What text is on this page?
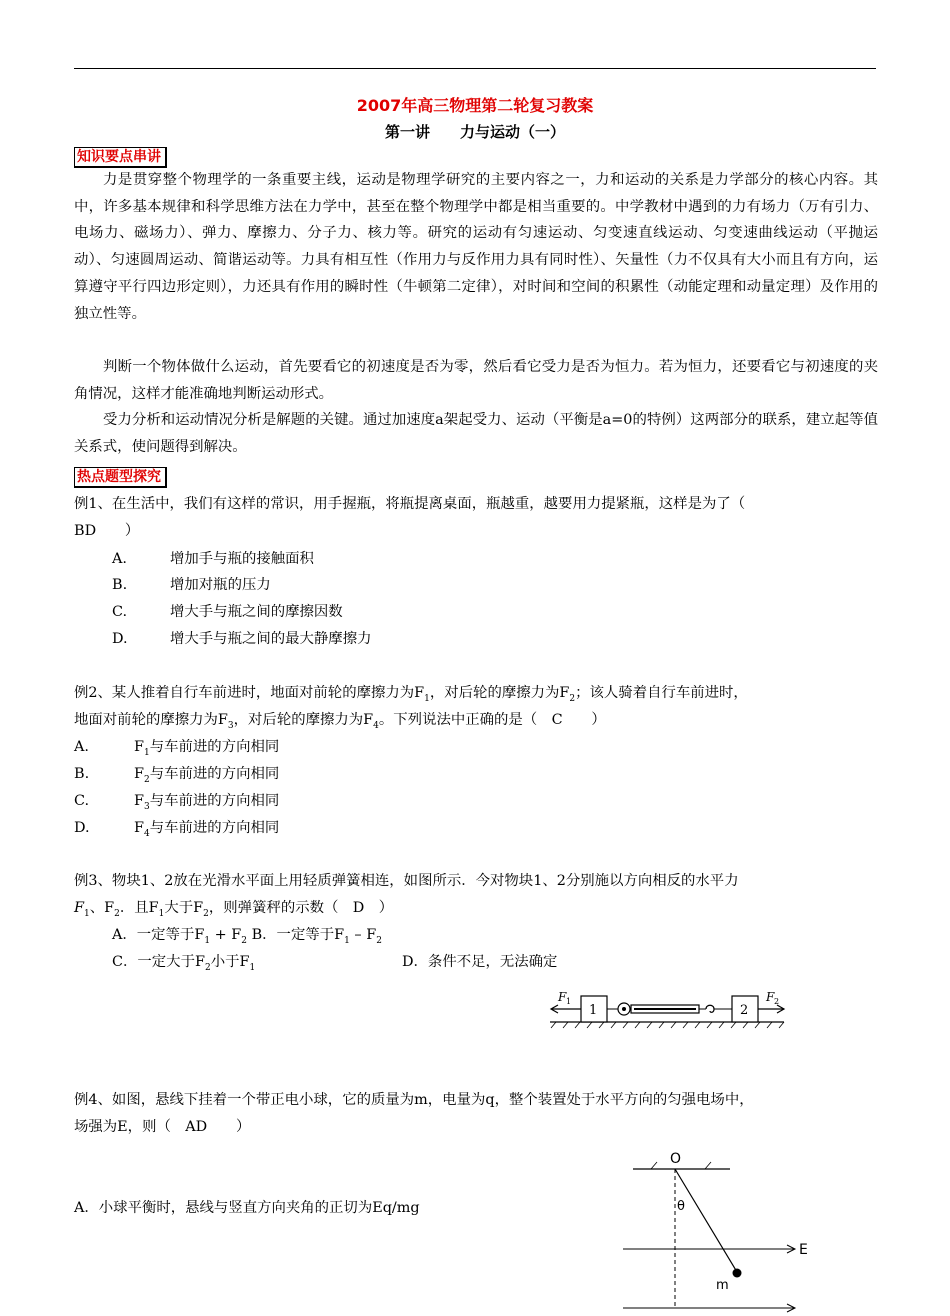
2007年高三物理第二轮复习教案
第一讲　　力与运动（一）
知识要点串讲

力是贯穿整个物理学的一条重要主线，运动是物理学研究的主要内容之一，力和运动的关系是力学部分的核心内容。其中，许多基本规律和科学思维方法在力学中，甚至在整个物理学中都是相当重要的。中学教材中遇到的力有场力（万有引力、电场力、磁场力）、弹力、摩擦力、分子力、核力等。研究的运动有匀速运动、匀变速直线运动、匀变速曲线运动（平抛运动）、匀速圆周运动、简谐运动等。力具有相互性（作用力与反作用力具有同时性）、矢量性（力不仅具有大小而且有方向，运算遵守平行四边形定则），力还具有作用的瞬时性（牛顿第二定律），对时间和空间的积累性（动能定理和动量定理）及作用的独立性等。

判断一个物体做什么运动，首先要看它的初速度是否为零，然后看它受力是否为恒力。若为恒力，还要看它与初速度的夹角情况，这样才能准确地判断运动形式。

受力分析和运动情况分析是解题的关键。通过加速度a架起受力、运动（平衡是a=0的特例）这两部分的联系，建立起等值关系式，使问题得到解决。

热点题型探究
例1、在生活中，我们有这样的常识，用手握瓶，将瓶提离桌面，瓶越重，越要用力提紧瓶，这样是为了（
BD　　）
A.	增加手与瓶的接触面积
B.	增加对瓶的压力
C.	增大手与瓶之间的摩擦因数
D.	增大手与瓶之间的最大静摩擦力
例2、某人推着自行车前进时，地面对前轮的摩擦力为$F_1$，对后轮的摩擦力为$F_2$；该人骑着自行车前进时，
地面对前轮的摩擦力为$F_3$，对后轮的摩擦力为$F_4$。下列说法中正确的是（　C　　）
A.	$F_1$与车前进的方向相同
B.	$F_2$与车前进的方向相同
C.	$F_3$与车前进的方向相同
D.	$F_4$与车前进的方向相同
例3、物块1、2放在光滑水平面上用轻质弹簧相连，如图所示．今对物块1、2分别施以方向相反的水平力
$F_1$、$F_2$．且$F_1$大于$F_2$，则弹簧秤的示数（　D　）
A．一定等于$F_1 + F_2$ B．一定等于$F_1 - F_2$
C．一定大于$F_2$小于$F_1$	D．条件不足，无法确定
F 1
1	2
F 2
例4、如图，悬线下挂着一个带正电小球，它的质量为m，电量为q，整个装置处于水平方向的匀强电场中，
场强为E，则（　AD　　）
A．小球平衡时，悬线与竖直方向夹角的正切为Eq/mg
O
θ
m
E
